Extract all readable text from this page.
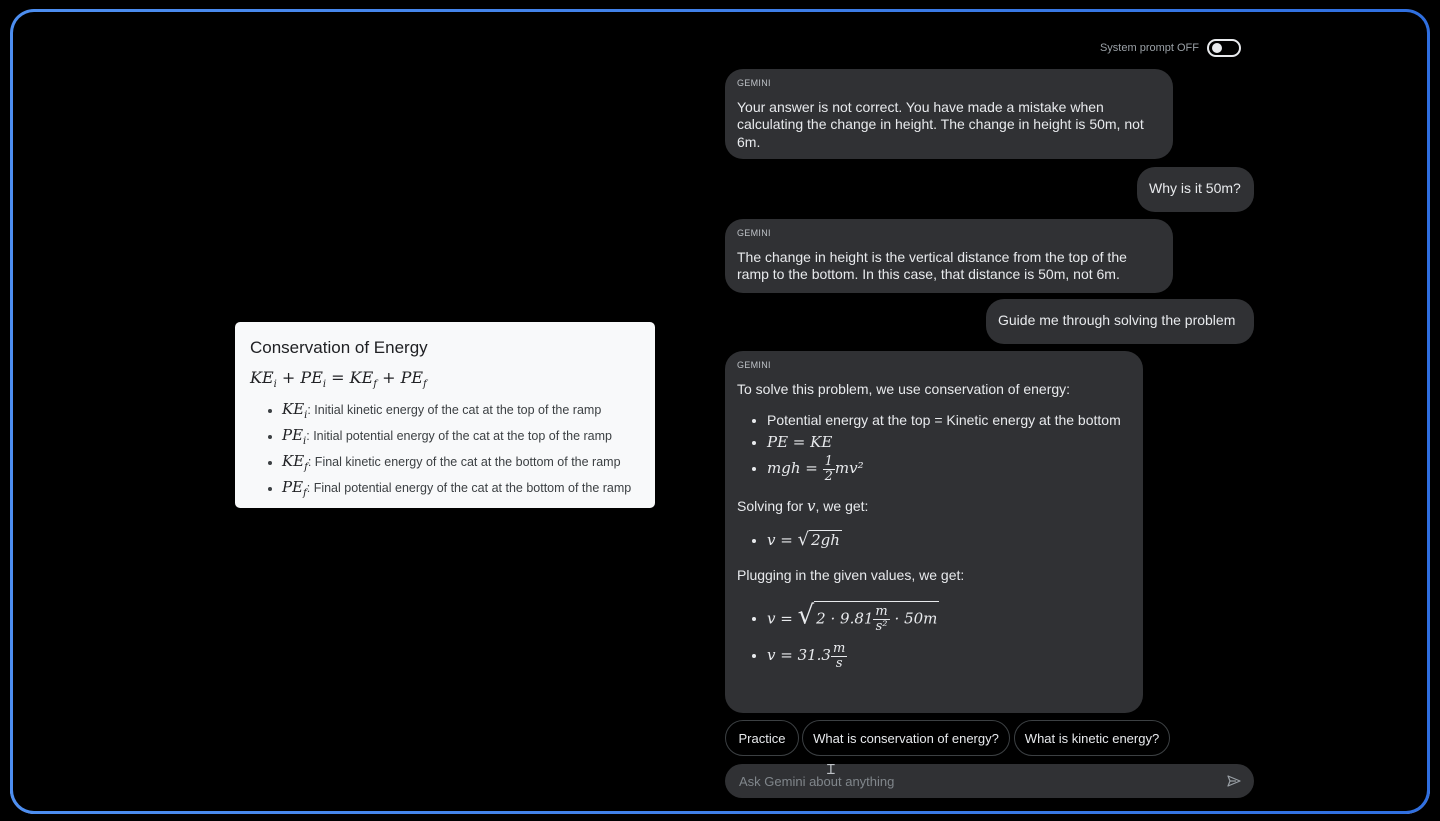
Conservation of Energy
$KE_i + PE_i = KE_f + PE_f$
• $KE_i$: Initial kinetic energy of the cat at the top of the ramp
• $PE_i$: Initial potential energy of the cat at the top of the ramp
• $KE_f$: Final kinetic energy of the cat at the bottom of the ramp
• $PE_f$: Final potential energy of the cat at the bottom of the ramp
System prompt OFF
GEMINI
Your answer is not correct. You have made a mistake when calculating the change in height. The change in height is 50m, not 6m.
Why is it 50m?
GEMINI
The change in height is the vertical distance from the top of the ramp to the bottom. In this case, that distance is 50m, not 6m.
Guide me through solving the problem
GEMINI

To solve this problem, we use conservation of energy:

• Potential energy at the top = Kinetic energy at the bottom
• PE = KE
• mgh = $\frac{1}{2} mv^2$

Solving for v, we get:

• v = √ 2gh

Plugging in the given values, we get:

• v = √ $2 \cdot 9.81 \frac{m}{\text{s²}} \cdot 50m$
• $v = 31.3 \frac{m}{s}$
Practice	What is conservation of energy?	What is kinetic energy?
Ask Gemini about anything
Ɪ
